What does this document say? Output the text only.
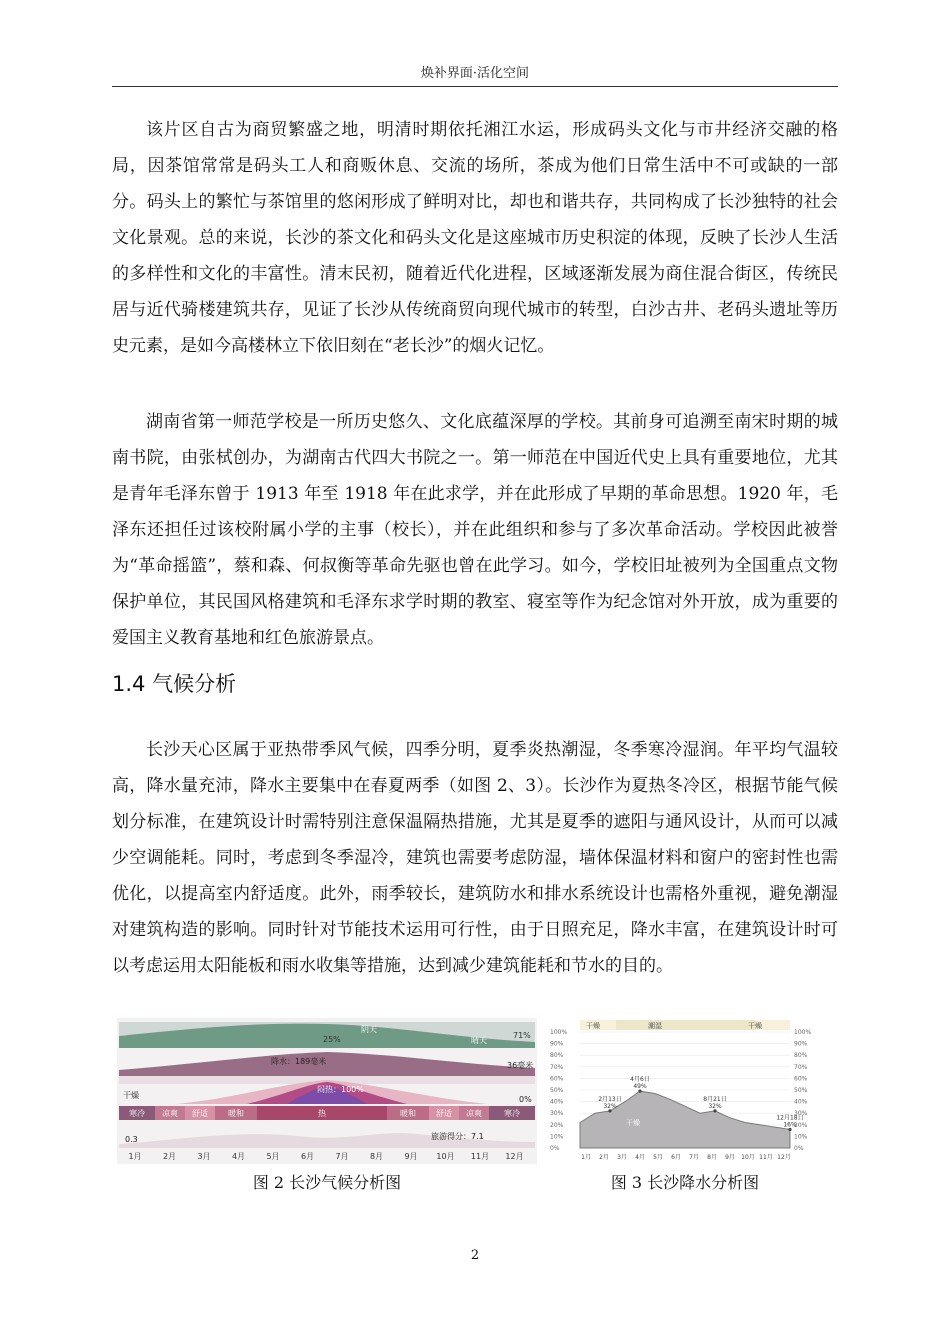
焕补界面·活化空间

该片区自古为商贸繁盛之地，明清时期依托湘江水运，形成码头文化与市井经济交融的格局，因茶馆常常是码头工人和商贩休息、交流的场所，茶成为他们日常生活中不可或缺的一部分。码头上的繁忙与茶馆里的悠闲形成了鲜明对比，却也和谐共存，共同构成了长沙独特的社会文化景观。总的来说，长沙的茶文化和码头文化是这座城市历史积淀的体现，反映了长沙人生活的多样性和文化的丰富性。清末民初，随着近代化进程，区域逐渐发展为商住混合街区，传统民居与近代骑楼建筑共存，见证了长沙从传统商贸向现代城市的转型，白沙古井、老码头遗址等历史元素，是如今高楼林立下依旧刻在“老长沙”的烟火记忆。

湖南省第一师范学校是一所历史悠久、文化底蕴深厚的学校。其前身可追溯至南宋时期的城南书院，由张栻创办，为湖南古代四大书院之一。第一师范在中国近代史上具有重要地位，尤其是青年毛泽东曾于 1913 年至 1918 年在此求学，并在此形成了早期的革命思想。1920 年，毛泽东还担任过该校附属小学的主事（校长），并在此组织和参与了多次革命活动。学校因此被誉为“革命摇篮”，蔡和森、何叔衡等革命先驱也曾在此学习。如今，学校旧址被列为全国重点文物保护单位，其民国风格建筑和毛泽东求学时期的教室、寝室等作为纪念馆对外开放，成为重要的爱国主义教育基地和红色旅游景点。

1.4 气候分析

长沙天心区属于亚热带季风气候，四季分明，夏季炎热潮湿，冬季寒冷湿润。年平均气温较高，降水量充沛，降水主要集中在春夏两季（如图 2、3）。长沙作为夏热冬冷区，根据节能气候划分标准，在建筑设计时需特别注意保温隔热措施，尤其是夏季的遮阳与通风设计，从而可以减少空调能耗。同时，考虑到冬季湿冷，建筑也需要考虑防湿，墙体保温材料和窗户的密封性也需优化，以提高室内舒适度。此外，雨季较长，建筑防水和排水系统设计也需格外重视，避免潮湿对建筑构造的影响。同时针对节能技术运用可行性，由于日照充足，降水丰富，在建筑设计时可以考虑运用太阳能板和雨水收集等措施，达到减少建筑能耗和节水的目的。

阴天
晴天
25%	71%
降水：189毫米	36毫米
干燥
闷热：100%
0%
寒冷 凉爽 舒适	暖和	热	暖和	舒适 凉爽	寒冷
0.3	旅游得分：7.1
1月	2月	3月	4月	5月	6月	7月	8月	9月 10月 11月 12月
干燥	潮湿	干燥
100%	100%
90%	90%
80%	80%
70%	70%
60%	60%
50%	50%
40%	40%
30%	30%
20%	20%
10%	10%
0%	0%
干燥
2月13日
32%
4月6日
49%
8月21日
32%
12月18日
16%
1月 2月 3月 4月 5月 6月 7月 8月 9月 10月 11月 12月
图 2 长沙气候分析图	图 3 长沙降水分析图
2
